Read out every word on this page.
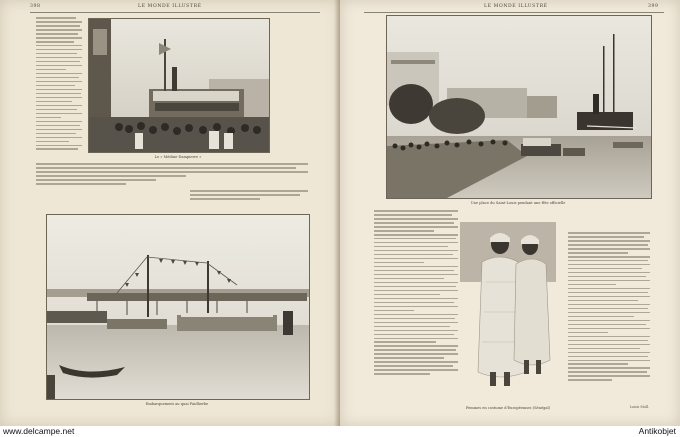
398	LE MONDE ILLUSTRÉ
Le « Médine-Dampierre »
Embarquement au quai Faidherbe
LE MONDE ILLUSTRÉ	399
Une place du Saint-Louis pendant une fête officielle
Femmes en costume d'Européennes (Sénégal)	Louis Moll.
www.delcampe.net	Antikobjet
